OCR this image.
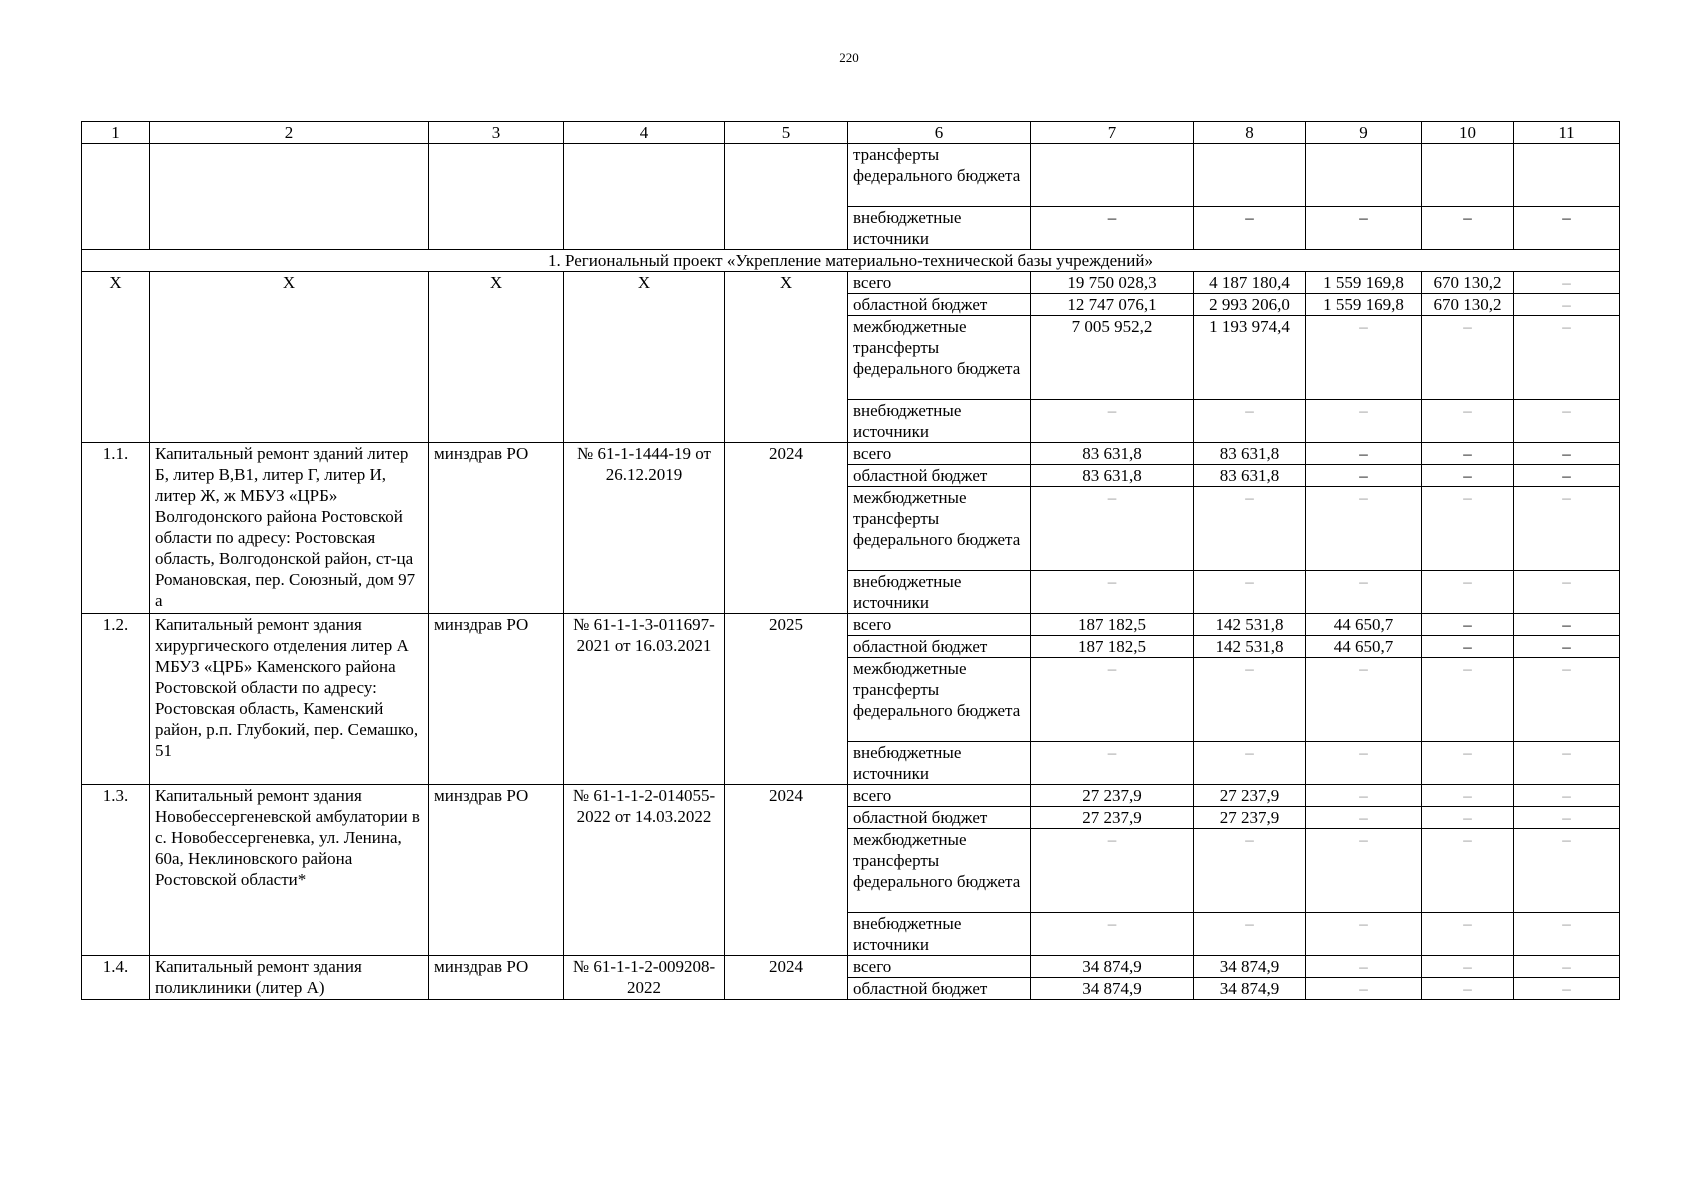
220
1	2	3	4	5	6	7	8	9	10	11
					трансферты федерального бюджета					
					внебюджетные источники	–	–	–	–	–
1. Региональный проект «Укрепление материально-технической базы учреждений»										
Х	Х	Х	Х	Х	всего	19 750 028,3	4 187 180,4	1 559 169,8	670 130,2	–
					областной бюджет	12 747 076,1	2 993 206,0	1 559 169,8	670 130,2	–
					межбюджетные трансферты федерального бюджета	7 005 952,2	1 193 974,4	–	–	–
					внебюджетные источники	–	–	–	–	–
1.1.	Капитальный ремонт зданий литер Б, литер В,В1, литер Г, литер И, литер Ж, ж МБУЗ «ЦРБ» Волгодонского района Ростовской области по адресу: Ростовская область, Волгодонской район, ст-ца Романовская, пер. Союзный, дом 97 а	минздрав РО	№ 61-1-1444-19 от 26.12.2019	2024	всего	83 631,8	83 631,8	–	–	–
					областной бюджет	83 631,8	83 631,8	–	–	–
					межбюджетные трансферты федерального бюджета	–	–	–	–	–
					внебюджетные источники	–	–	–	–	–
1.2.	Капитальный ремонт здания хирургического отделения литер А МБУЗ «ЦРБ» Каменского района Ростовской области по адресу: Ростовская область, Каменский район, р.п. Глубокий, пер. Семашко, 51	минздрав РО	№ 61-1-1-3-011697-2021 от 16.03.2021	2025	всего	187 182,5	142 531,8	44 650,7	–	–
					областной бюджет	187 182,5	142 531,8	44 650,7	–	–
					межбюджетные трансферты федерального бюджета	–	–	–	–	–
					внебюджетные источники	–	–	–	–	–
1.3.	Капитальный ремонт здания Новобессергеневской амбулатории в с. Новобессергеневка, ул. Ленина, 60а, Неклиновского района Ростовской области*	минздрав РО	№ 61-1-1-2-014055-2022 от 14.03.2022	2024	всего	27 237,9	27 237,9	–	–	–
					областной бюджет	27 237,9	27 237,9	–	–	–
					межбюджетные трансферты федерального бюджета	–	–	–	–	–
					внебюджетные источники	–	–	–	–	–
1.4.	Капитальный ремонт здания поликлиники (литер А)	минздрав РО	№ 61-1-1-2-009208-2022	2024	всего	34 874,9	34 874,9	–	–	–
					областной бюджет	34 874,9	34 874,9	–	–	–
